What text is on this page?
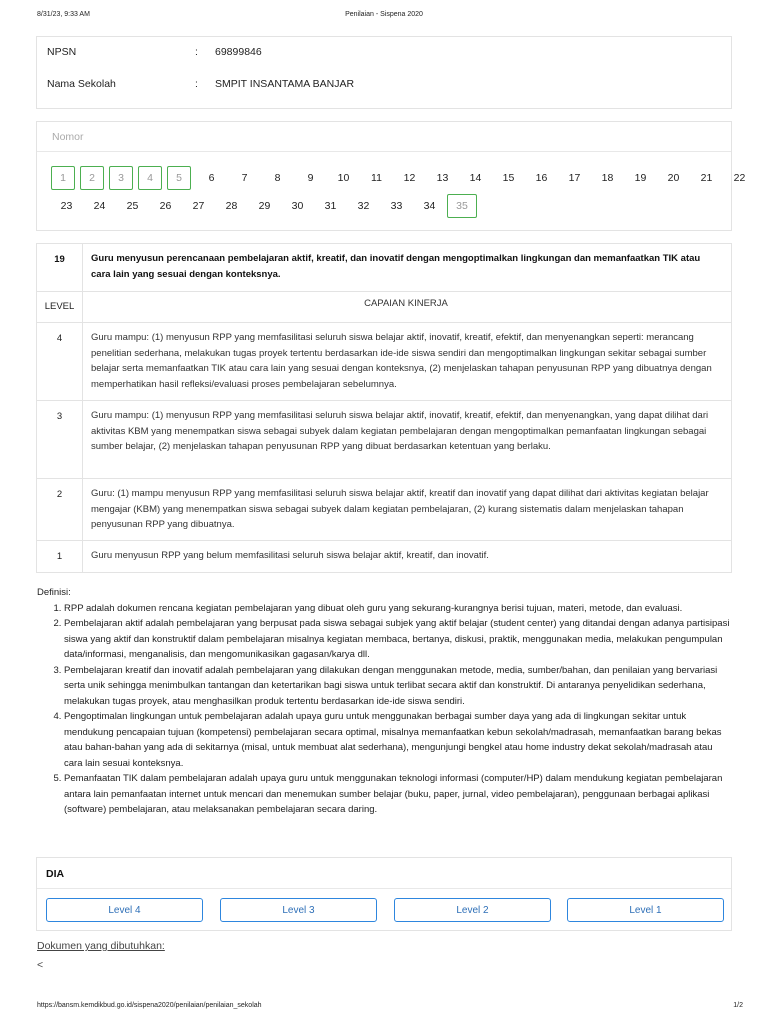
8/31/23, 9:33 AM	Penilaian - Sispena 2020
NPSN	: 69899846
Nama Sekolah	: SMPIT INSANTAMA BANJAR
Nomor
1	2	3	4	5	6	7	8	9	10	11	12	13	14	15	16	17	18	19	20	21	22
23	24	25	26	27	28	29	30	31	32	33	34	35
19	Guru menyusun perencanaan pembelajaran aktif, kreatif, dan inovatif dengan mengoptimalkan lingkungan dan memanfaatkan TIK atau cara lain yang sesuai dengan konteksnya.
LEVEL	CAPAIAN KINERJA
4	Guru mampu: (1) menyusun RPP yang memfasilitasi seluruh siswa belajar aktif, inovatif, kreatif, efektif, dan menyenangkan seperti: merancang penelitian sederhana, melakukan tugas proyek tertentu berdasarkan ide-ide siswa sendiri dan mengoptimalkan lingkungan sekitar sebagai sumber belajar serta memanfaatkan TIK atau cara lain yang sesuai dengan konteksnya, (2) menjelaskan tahapan penyusunan RPP yang dibuatnya dengan memperhatikan hasil refleksi/evaluasi proses pembelajaran sebelumnya.
3	Guru mampu: (1) menyusun RPP yang memfasilitasi seluruh siswa belajar aktif, inovatif, kreatif, efektif, dan menyenangkan, yang dapat dilihat dari aktivitas KBM yang menempatkan siswa sebagai subyek dalam kegiatan pembelajaran dengan mengoptimalkan pemanfaatan lingkungan sebagai sumber belajar, (2) menjelaskan tahapan penyusunan RPP yang dibuat berdasarkan ketentuan yang berlaku.
2	Guru: (1) mampu menyusun RPP yang memfasilitasi seluruh siswa belajar aktif, kreatif dan inovatif yang dapat dilihat dari aktivitas kegiatan belajar mengajar (KBM) yang menempatkan siswa sebagai subyek dalam kegiatan pembelajaran, (2) kurang sistematis dalam menjelaskan tahapan penyusunan RPP yang dibuatnya.
1	Guru menyusun RPP yang belum memfasilitasi seluruh siswa belajar aktif, kreatif, dan inovatif.
Definisi:
1. RPP adalah dokumen rencana kegiatan pembelajaran yang dibuat oleh guru yang sekurang-kurangnya berisi tujuan, materi, metode, dan evaluasi.
2. Pembelajaran aktif adalah pembelajaran yang berpusat pada siswa sebagai subjek yang aktif belajar (student center) yang ditandai dengan adanya partisipasi siswa yang aktif dan konstruktif dalam pembelajaran misalnya kegiatan membaca, bertanya, diskusi, praktik, menggunakan media, melakukan pengumpulan data/informasi, menganalisis, dan mengomunikasikan gagasan/karya dll.
3. Pembelajaran kreatif dan inovatif adalah pembelajaran yang dilakukan dengan menggunakan metode, media, sumber/bahan, dan penilaian yang bervariasi serta unik sehingga menimbulkan tantangan dan ketertarikan bagi siswa untuk terlibat secara aktif dan konstruktif. Di antaranya penyelidikan sederhana, melakukan tugas proyek, atau menghasilkan produk tertentu berdasarkan ide-ide siswa sendiri.
4. Pengoptimalan lingkungan untuk pembelajaran adalah upaya guru untuk menggunakan berbagai sumber daya yang ada di lingkungan sekitar untuk mendukung pencapaian tujuan (kompetensi) pembelajaran secara optimal, misalnya memanfaatkan kebun sekolah/madrasah, memanfaatkan barang bekas atau bahan-bahan yang ada di sekitarnya (misal, untuk membuat alat sederhana), mengunjungi bengkel atau home industry dekat sekolah/madrasah atau cara lain sesuai konteksnya.
5. Pemanfaatan TIK dalam pembelajaran adalah upaya guru untuk menggunakan teknologi informasi (computer/HP) dalam mendukung kegiatan pembelajaran antara lain pemanfaatan internet untuk mencari dan menemukan sumber belajar (buku, paper, jurnal, video pembelajaran), penggunaan berbagai aplikasi (software) pembelajaran, atau melaksanakan pembelajaran secara daring.
DIA
Level 4	Level 3	Level 2	Level 1
Dokumen yang dibutuhkan:
<
https://bansm.kemdikbud.go.id/sispena2020/penilaian/penilaian_sekolah	1/2
